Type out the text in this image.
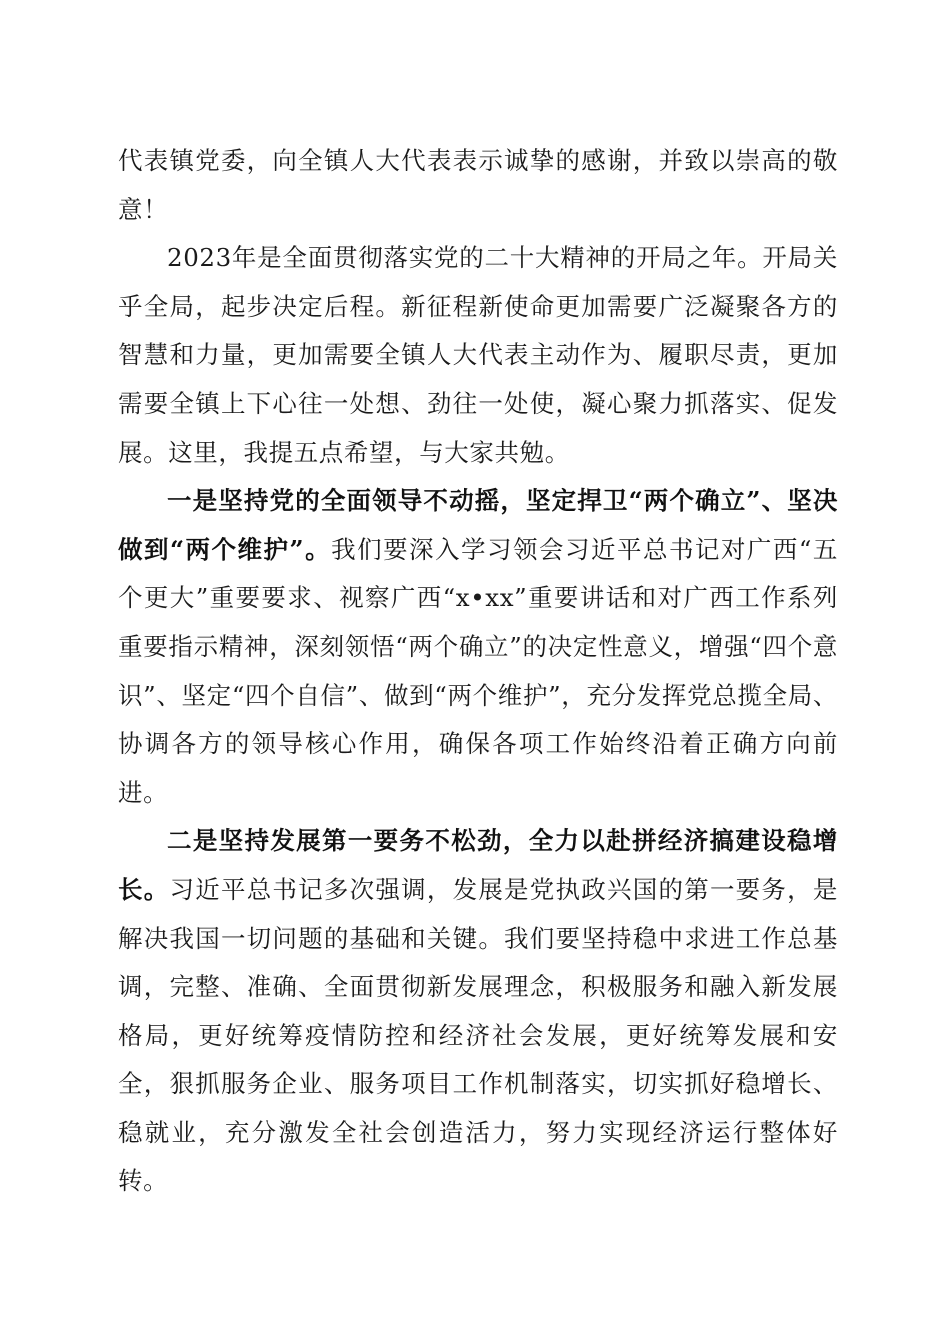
代表镇党委，向全镇人大代表表示诚挚的感谢，并致以崇高的敬意！

2023年是全面贯彻落实党的二十大精神的开局之年。开局关乎全局，起步决定后程。新征程新使命更加需要广泛凝聚各方的智慧和力量，更加需要全镇人大代表主动作为、履职尽责，更加需要全镇上下心往一处想、劲往一处使，凝心聚力抓落实、促发展。这里，我提五点希望，与大家共勉。

一是坚持党的全面领导不动摇，坚定捍卫“两个确立”、坚决做到“两个维护”。我们要深入学习领会习近平总书记对广西“五个更大”重要要求、视察广西“x•xx”重要讲话和对广西工作系列重要指示精神，深刻领悟“两个确立”的决定性意义，增强“四个意识”、坚定“四个自信”、做到“两个维护”，充分发挥党总揽全局、协调各方的领导核心作用，确保各项工作始终沿着正确方向前进。

二是坚持发展第一要务不松劲，全力以赴拼经济搞建设稳增长。习近平总书记多次强调，发展是党执政兴国的第一要务，是解决我国一切问题的基础和关键。我们要坚持稳中求进工作总基调，完整、准确、全面贯彻新发展理念，积极服务和融入新发展格局，更好统筹疫情防控和经济社会发展，更好统筹发展和安全，狠抓服务企业、服务项目工作机制落实，切实抓好稳增长、稳就业，充分激发全社会创造活力，努力实现经济运行整体好转。
